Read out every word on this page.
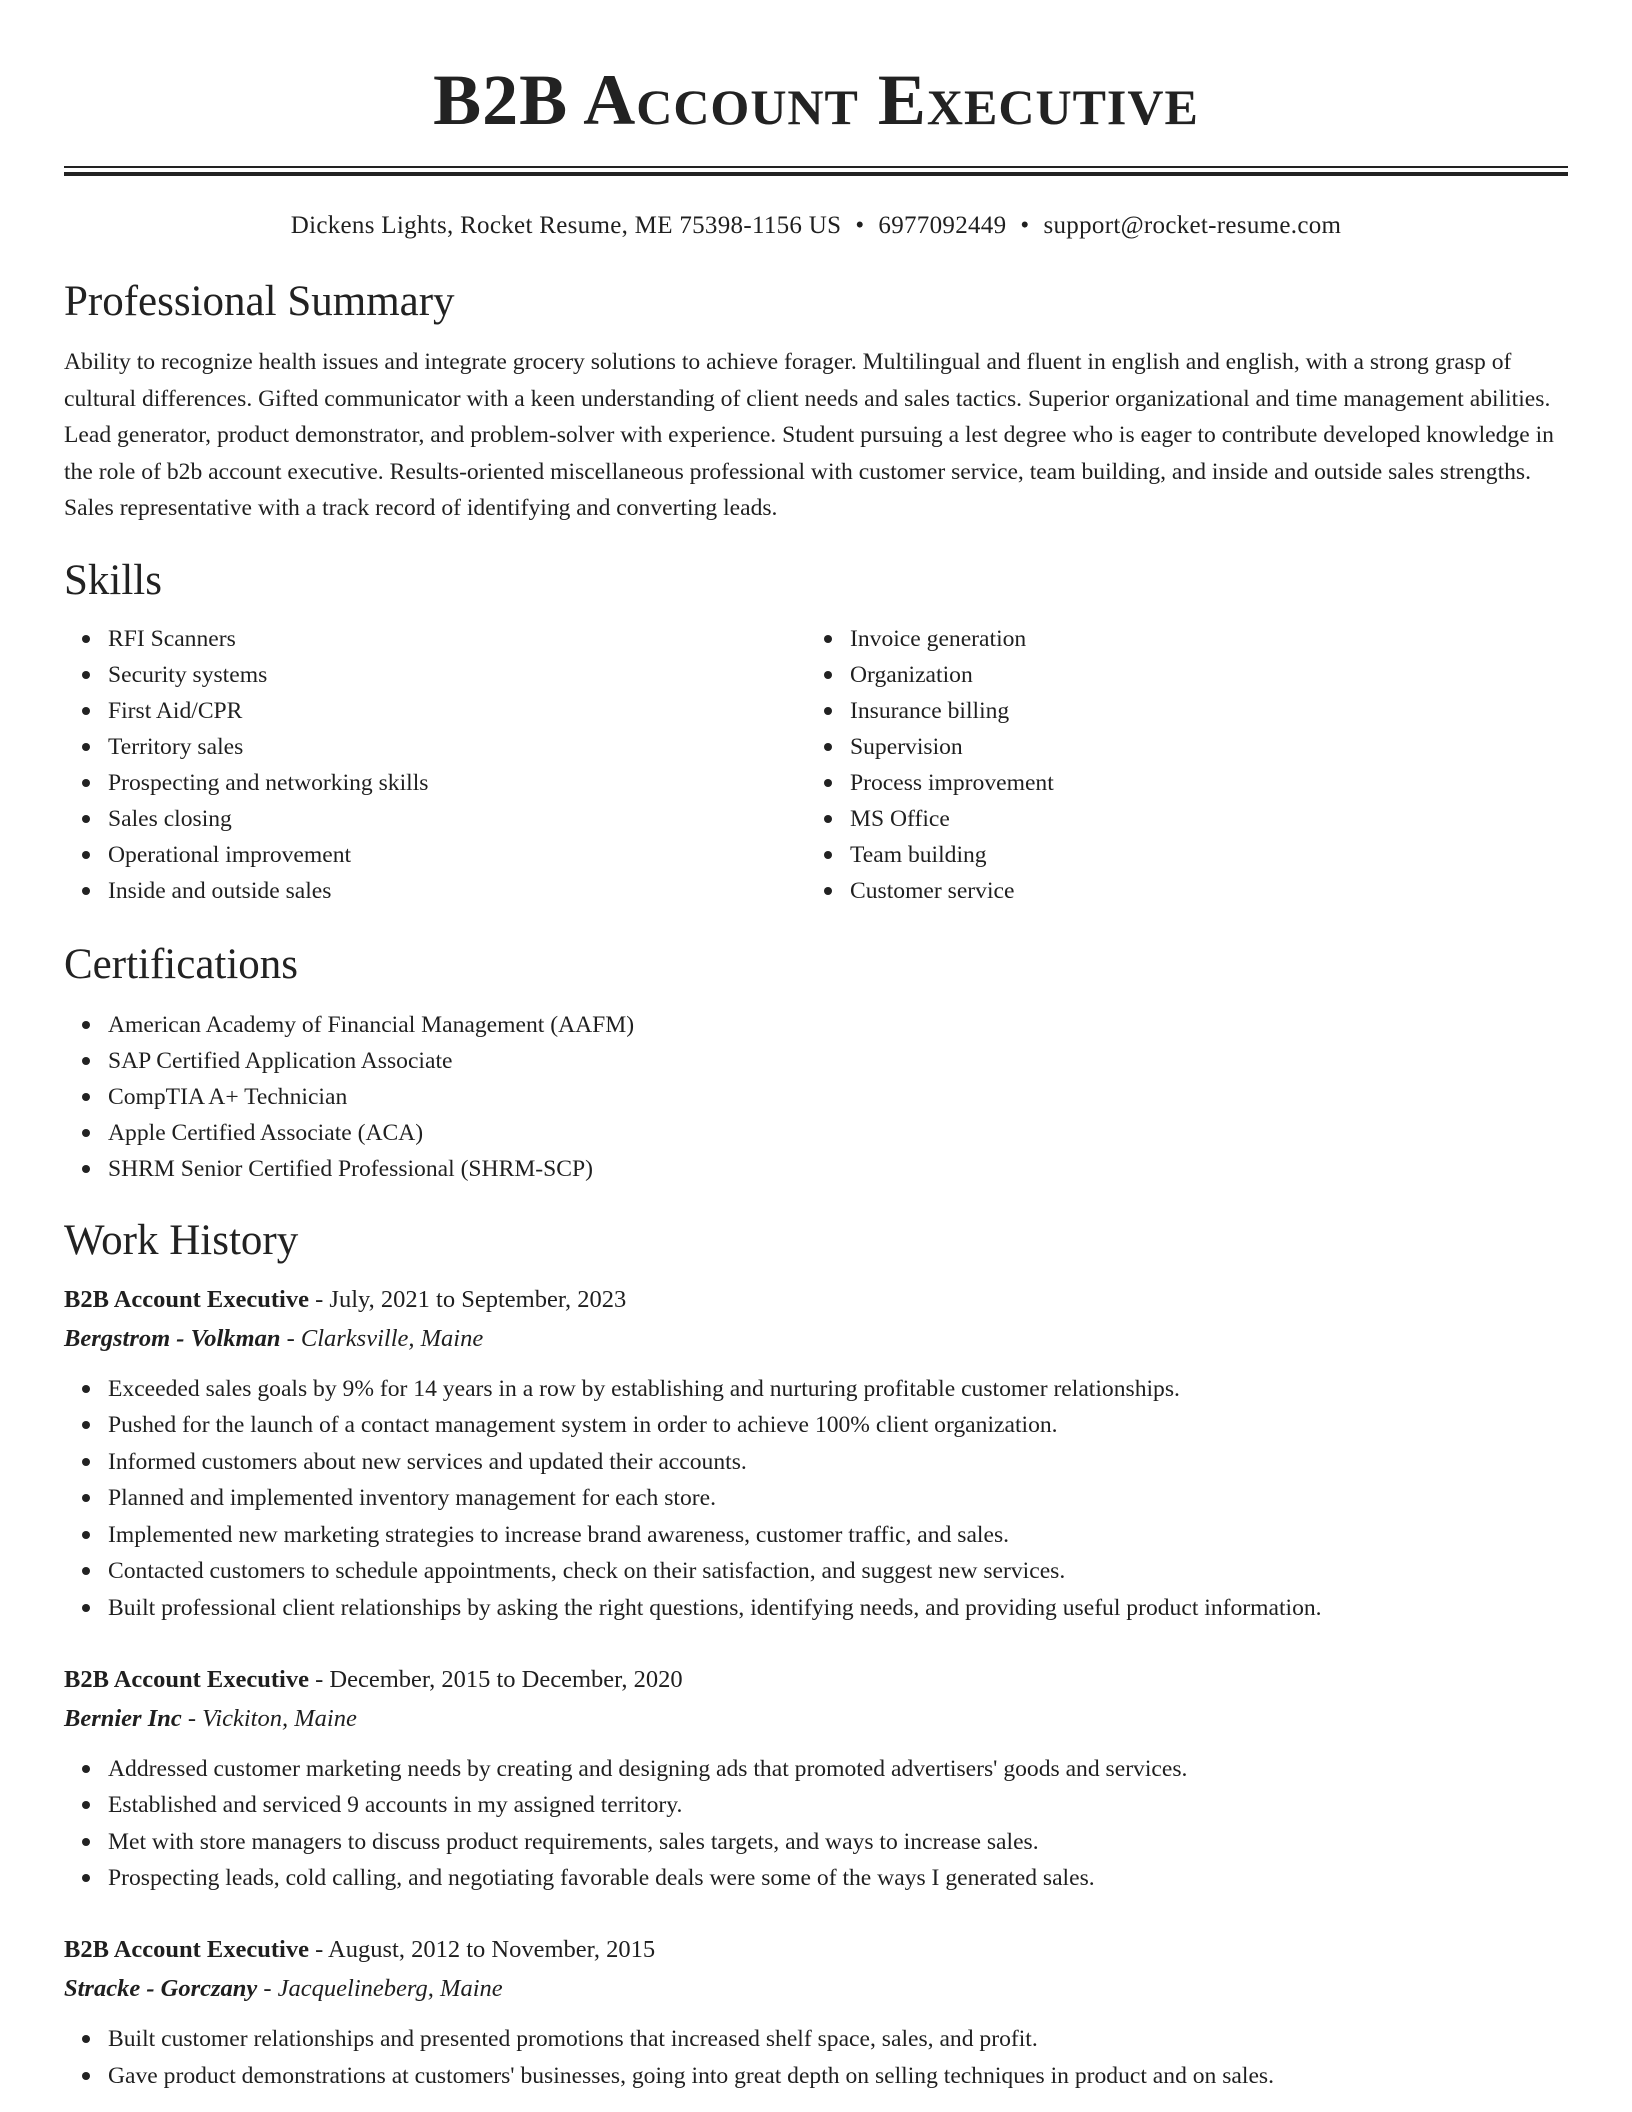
B2B Account Executive
Dickens Lights, Rocket Resume, ME 75398-1156 US • 6977092449 • support@rocket-resume.com
Professional Summary

Ability to recognize health issues and integrate grocery solutions to achieve forager. Multilingual and fluent in english and english, with a strong grasp of cultural differences. Gifted communicator with a keen understanding of client needs and sales tactics. Superior organizational and time management abilities. Lead generator, product demonstrator, and problem-solver with experience. Student pursuing a lest degree who is eager to contribute developed knowledge in the role of b2b account executive. Results-oriented miscellaneous professional with customer service, team building, and inside and outside sales strengths. Sales representative with a track record of identifying and converting leads.

Skills
RFI Scanners
Security systems
First Aid/CPR
Territory sales
Prospecting and networking skills
Sales closing
Operational improvement
Inside and outside sales
Invoice generation
Organization
Insurance billing
Supervision
Process improvement
MS Office
Team building
Customer service
Certifications
American Academy of Financial Management (AAFM)
SAP Certified Application Associate
CompTIA A+ Technician
Apple Certified Associate (ACA)
SHRM Senior Certified Professional (SHRM-SCP)
Work History
B2B Account Executive - July, 2021 to September, 2023
Bergstrom - Volkman - Clarksville, Maine
Exceeded sales goals by 9% for 14 years in a row by establishing and nurturing profitable customer relationships.
Pushed for the launch of a contact management system in order to achieve 100% client organization.
Informed customers about new services and updated their accounts.
Planned and implemented inventory management for each store.
Implemented new marketing strategies to increase brand awareness, customer traffic, and sales.
Contacted customers to schedule appointments, check on their satisfaction, and suggest new services.
Built professional client relationships by asking the right questions, identifying needs, and providing useful product information.
B2B Account Executive - December, 2015 to December, 2020
Bernier Inc - Vickiton, Maine
Addressed customer marketing needs by creating and designing ads that promoted advertisers' goods and services.
Established and serviced 9 accounts in my assigned territory.
Met with store managers to discuss product requirements, sales targets, and ways to increase sales.
Prospecting leads, cold calling, and negotiating favorable deals were some of the ways I generated sales.
B2B Account Executive - August, 2012 to November, 2015
Stracke - Gorczany - Jacquelineberg, Maine
Built customer relationships and presented promotions that increased shelf space, sales, and profit.
Gave product demonstrations at customers' businesses, going into great depth on selling techniques in product and on sales.
